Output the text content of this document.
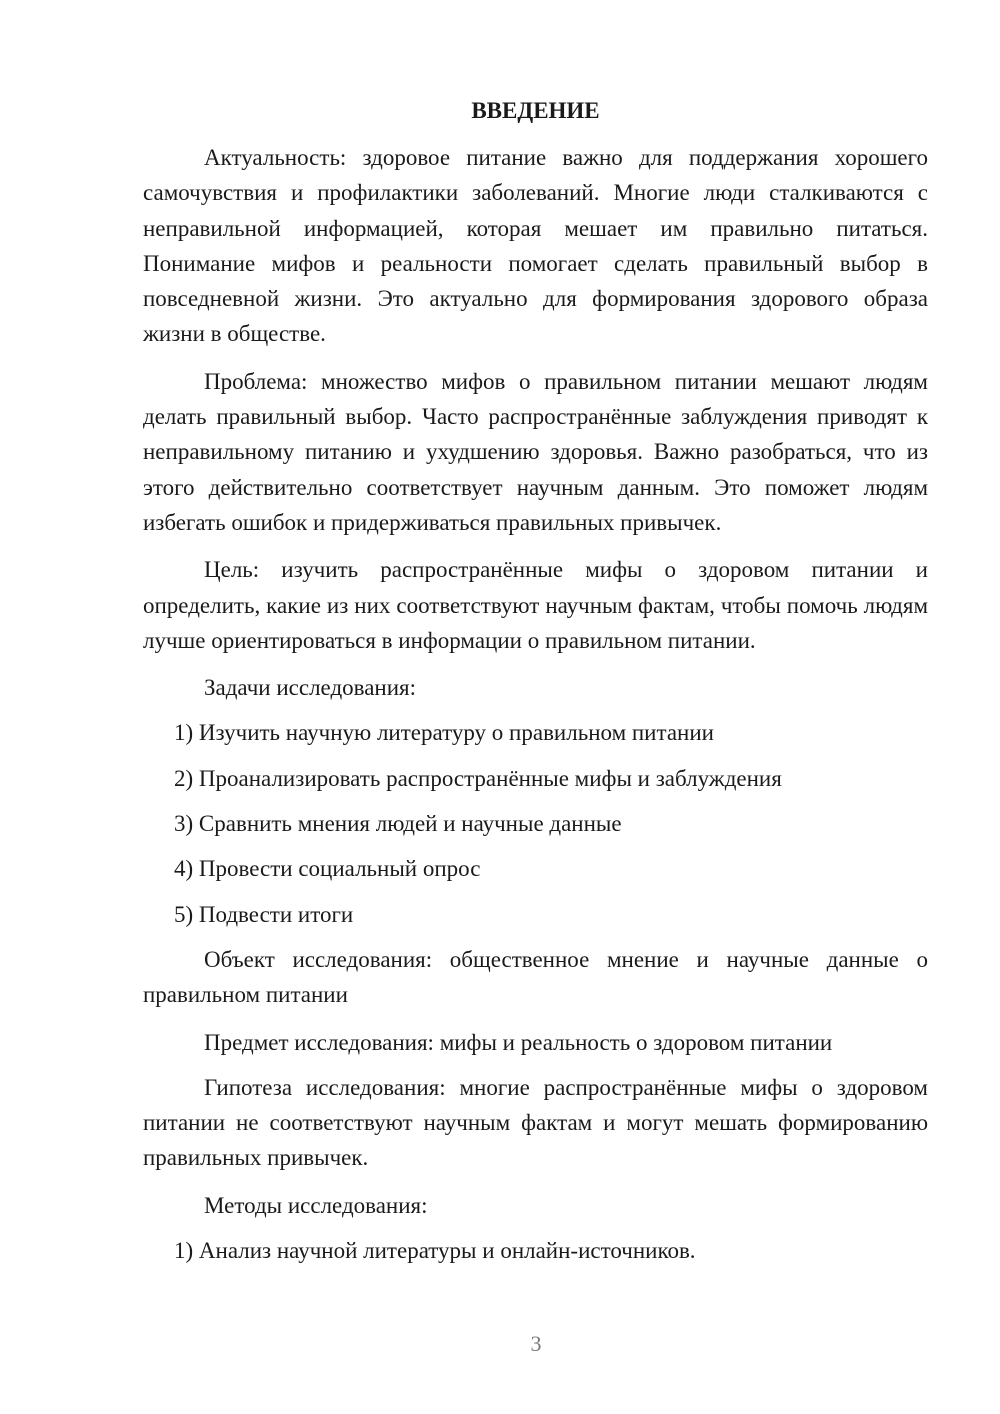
ВВЕДЕНИЕ

Актуальность: здоровое питание важно для поддержания хорошего самочувствия и профилактики заболеваний. Многие люди сталкиваются с неправильной информацией, которая мешает им правильно питаться. Понимание мифов и реальности помогает сделать правильный выбор в повседневной жизни. Это актуально для формирования здорового образа жизни в обществе.

Проблема: множество мифов о правильном питании мешают людям делать правильный выбор. Часто распространённые заблуждения приводят к неправильному питанию и ухудшению здоровья. Важно разобраться, что из этого действительно соответствует научным данным. Это поможет людям избегать ошибок и придерживаться правильных привычек.

Цель: изучить распространённые мифы о здоровом питании и определить, какие из них соответствуют научным фактам, чтобы помочь людям лучше ориентироваться в информации о правильном питании.

Задачи исследования:

1) Изучить научную литературу о правильном питании

2) Проанализировать распространённые мифы и заблуждения

3) Сравнить мнения людей и научные данные

4) Провести социальный опрос

5) Подвести итоги

Объект исследования: общественное мнение и научные данные о правильном питании

Предмет исследования: мифы и реальность о здоровом питании

Гипотеза исследования: многие распространённые мифы о здоровом питании не соответствуют научным фактам и могут мешать формированию правильных привычек.

Методы исследования:

1) Анализ научной литературы и онлайн-источников.

3
